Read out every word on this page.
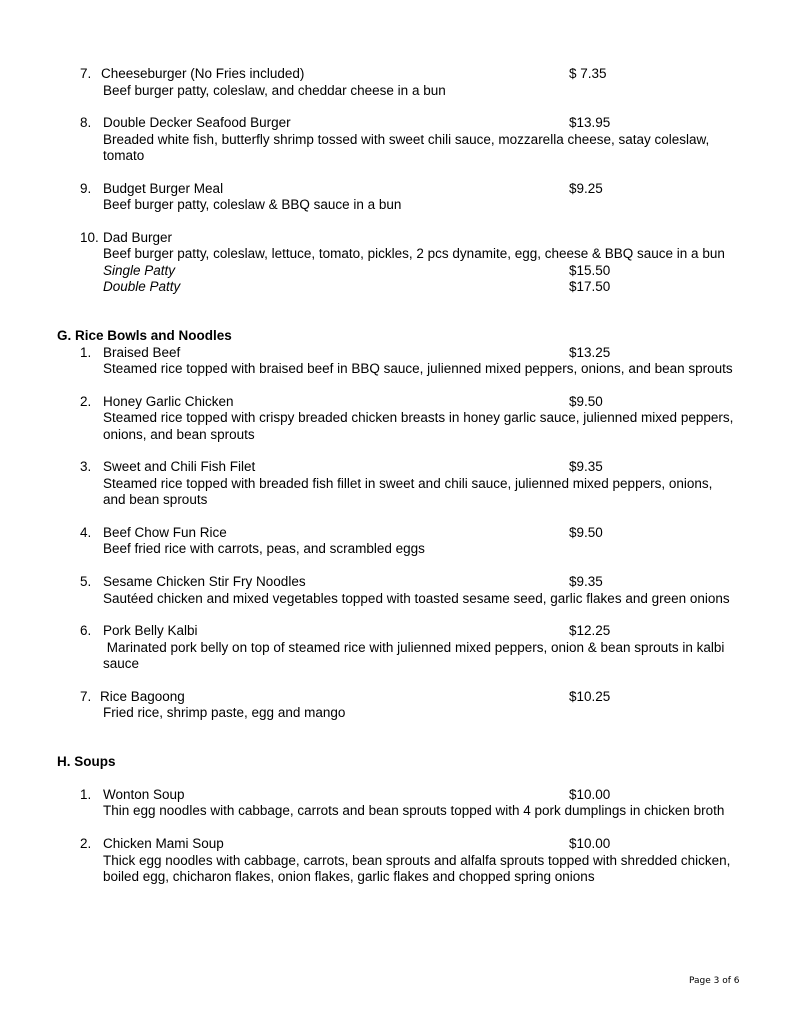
7. Cheeseburger (No Fries included)	$ 7.35
Beef burger patty, coleslaw, and cheddar cheese in a bun
8. Double Decker Seafood Burger	$13.95
Breaded white fish, butterfly shrimp tossed with sweet chili sauce, mozzarella cheese, satay coleslaw,
tomato
9. Budget Burger Meal	$9.25
Beef burger patty, coleslaw & BBQ sauce in a bun
10. Dad Burger
Beef burger patty, coleslaw, lettuce, tomato, pickles, 2 pcs dynamite, egg, cheese & BBQ sauce in a bun
Single Patty	$15.50
Double Patty	$17.50
G. Rice Bowls and Noodles
1. Braised Beef	$13.25
Steamed rice topped with braised beef in BBQ sauce, julienned mixed peppers, onions, and bean sprouts
2. Honey Garlic Chicken	$9.50
Steamed rice topped with crispy breaded chicken breasts in honey garlic sauce, julienned mixed peppers,
onions, and bean sprouts
3. Sweet and Chili Fish Filet	$9.35
Steamed rice topped with breaded fish fillet in sweet and chili sauce, julienned mixed peppers, onions,
and bean sprouts
4. Beef Chow Fun Rice	$9.50
Beef fried rice with carrots, peas, and scrambled eggs
5. Sesame Chicken Stir Fry Noodles	$9.35
Sautéed chicken and mixed vegetables topped with toasted sesame seed, garlic flakes and green onions
6. Pork Belly Kalbi	$12.25
Marinated pork belly on top of steamed rice with julienned mixed peppers, onion & bean sprouts in kalbi
sauce
7. Rice Bagoong	$10.25
Fried rice, shrimp paste, egg and mango
H. Soups
1. Wonton Soup	$10.00
Thin egg noodles with cabbage, carrots and bean sprouts topped with 4 pork dumplings in chicken broth
2. Chicken Mami Soup	$10.00
Thick egg noodles with cabbage, carrots, bean sprouts and alfalfa sprouts topped with shredded chicken,
boiled egg, chicharon flakes, onion flakes, garlic flakes and chopped spring onions
Page 3 of 6
